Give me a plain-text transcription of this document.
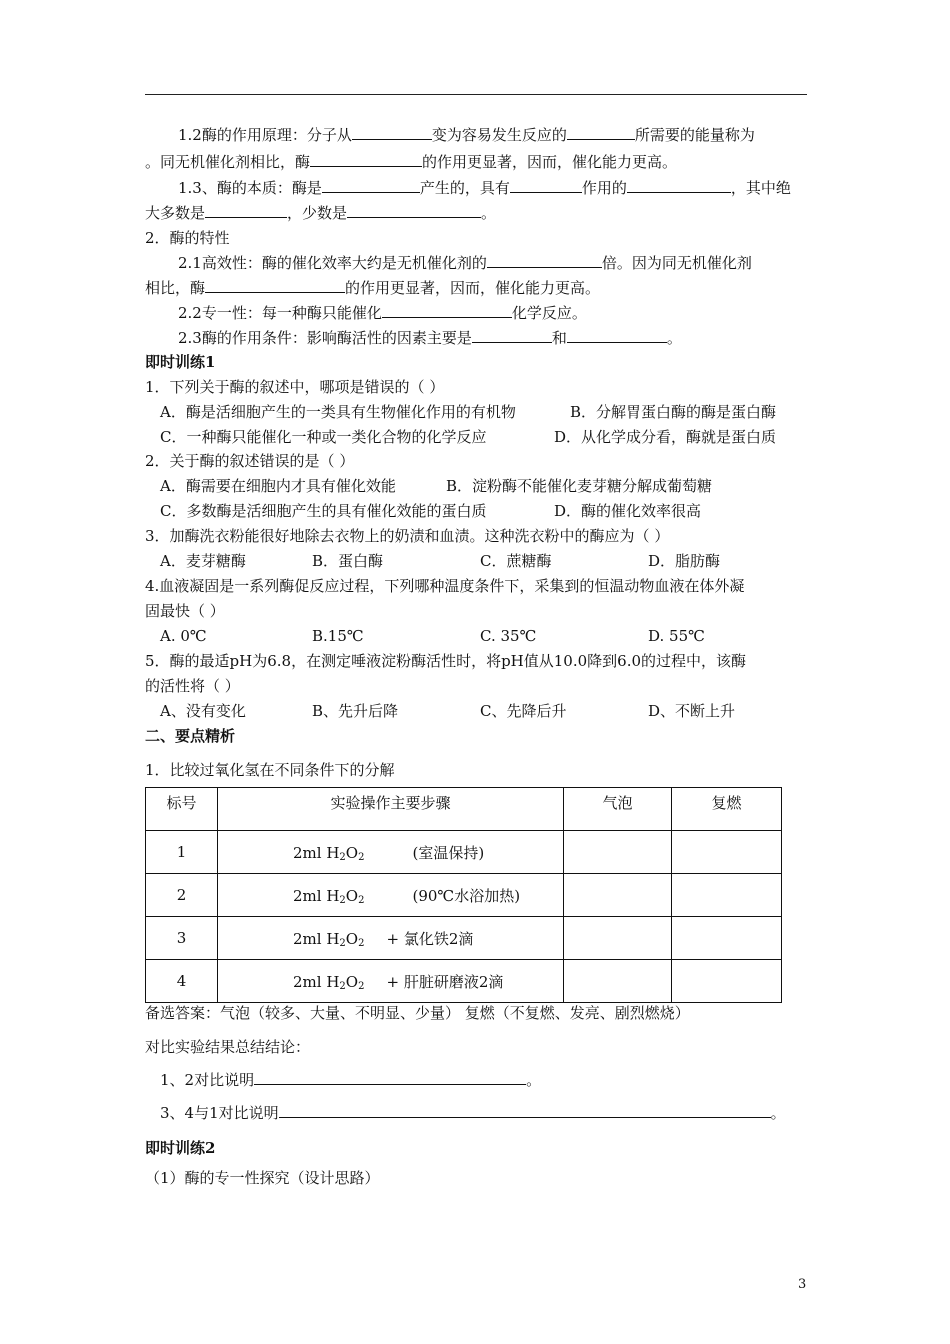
1.2酶的作用原理：分子从	变为容易发生反应的	所需要的能量称为
。同无机催化剂相比，酶	的作用更显著，因而，催化能力更高。
1.3、酶的本质：酶是	产生的，具有	作用的	，其中绝
大多数是	，少数是	。
2．酶的特性
2.1高效性：酶的催化效率大约是无机催化剂的	倍。因为同无机催化剂
相比，酶	的作用更显著，因而，催化能力更高。
2.2专一性：每一种酶只能催化	化学反应。
2.3酶的作用条件：影响酶活性的因素主要是	和	。
即时训练1
1．下列关于酶的叙述中，哪项是错误的（ ）
A．酶是活细胞产生的一类具有生物催化作用的有机物	B．分解胃蛋白酶的酶是蛋白酶
C．一种酶只能催化一种或一类化合物的化学反应	D．从化学成分看，酶就是蛋白质
2．关于酶的叙述错误的是（ ）
A．酶需要在细胞内才具有催化效能	B．淀粉酶不能催化麦芽糖分解成葡萄糖
C．多数酶是活细胞产生的具有催化效能的蛋白质	D．酶的催化效率很高
3．加酶洗衣粉能很好地除去衣物上的奶渍和血渍。这种洗衣粉中的酶应为（ ）
A．麦芽糖酶	B．蛋白酶	C．蔗糖酶	D．脂肪酶
4.血液凝固是一系列酶促反应过程，下列哪种温度条件下，采集到的恒温动物血液在体外凝
固最快（ ）
A. 0℃	B.15℃	C. 35℃	D. 55℃
5．酶的最适pH为6.8，在测定唾液淀粉酶活性时，将pH值从10.0降到6.0的过程中，该酶
的活性将（ ）
A、没有变化	B、先升后降	C、先降后升	D、不断上升
二、要点精析
1．比较过氧化氢在不同条件下的分解
标号	实验操作主要步骤	气泡	复燃
1	2ml $H_2O_2$ (室温保持)		
2	2ml $H_2O_2$ (90℃水浴加热)		
3	2ml $H_2O_2$ + 氯化铁2滴		
4	2ml $H_2O_2$ + 肝脏研磨液2滴		
备选答案：气泡（较多、大量、不明显、少量） 复燃（不复燃、发亮、剧烈燃烧）
对比实验结果总结结论：
1、2对比说明	。
3、4与1对比说明	。
即时训练2
（1）酶的专一性探究（设计思路）
3
